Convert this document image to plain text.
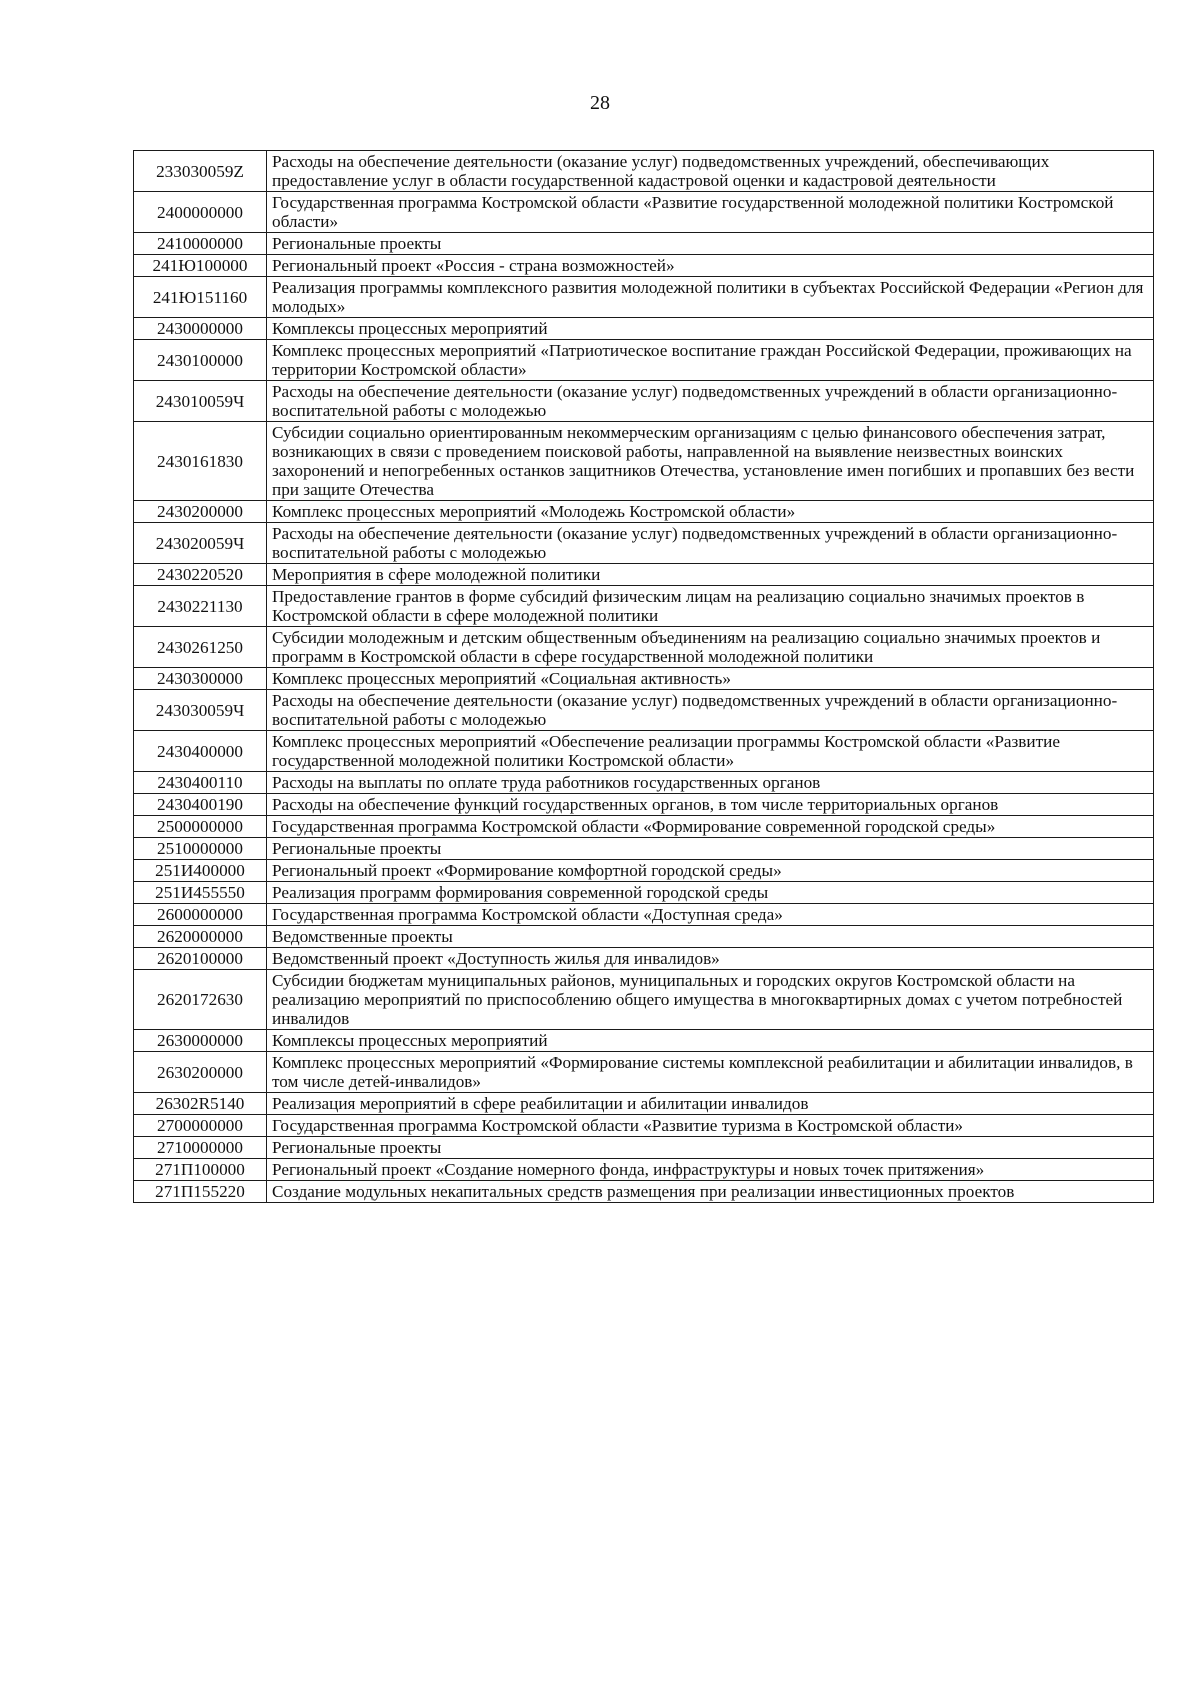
28
233030059Z	Расходы на обеспечение деятельности (оказание услуг) подведомственных учреждений, обеспечивающих предоставление услуг в области государственной кадастровой оценки и кадастровой деятельности
2400000000	Государственная программа Костромской области «Развитие государственной молодежной политики Костромской области»
2410000000	Региональные проекты
241Ю100000	Региональный проект «Россия - страна возможностей»
241Ю151160	Реализация программы комплексного развития молодежной политики в субъектах Российской Федерации «Регион для молодых»
2430000000	Комплексы процессных мероприятий
2430100000	Комплекс процессных мероприятий «Патриотическое воспитание граждан Российской Федерации, проживающих на территории Костромской области»
243010059Ч	Расходы на обеспечение деятельности (оказание услуг) подведомственных учреждений в области организационно-воспитательной работы с молодежью
2430161830	Субсидии социально ориентированным некоммерческим организациям с целью финансового обеспечения затрат, возникающих в связи с проведением поисковой работы, направленной на выявление неизвестных воинских захоронений и непогребенных останков защитников Отечества, установление имен погибших и пропавших без вести при защите Отечества
2430200000	Комплекс процессных мероприятий «Молодежь Костромской области»
243020059Ч	Расходы на обеспечение деятельности (оказание услуг) подведомственных учреждений в области организационно-воспитательной работы с молодежью
2430220520	Мероприятия в сфере молодежной политики
2430221130	Предоставление грантов в форме субсидий физическим лицам на реализацию социально значимых проектов в Костромской области в сфере молодежной политики
2430261250	Субсидии молодежным и детским общественным объединениям на реализацию социально значимых проектов и программ в Костромской области в сфере государственной молодежной политики
2430300000	Комплекс процессных мероприятий «Социальная активность»
243030059Ч	Расходы на обеспечение деятельности (оказание услуг) подведомственных учреждений в области организационно-воспитательной работы с молодежью
2430400000	Комплекс процессных мероприятий «Обеспечение реализации программы Костромской области «Развитие государственной молодежной политики Костромской области»
2430400110	Расходы на выплаты по оплате труда работников государственных органов
2430400190	Расходы на обеспечение функций государственных органов, в том числе территориальных органов
2500000000	Государственная программа Костромской области «Формирование современной городской среды»
2510000000	Региональные проекты
251И400000	Региональный проект «Формирование комфортной городской среды»
251И455550	Реализация программ формирования современной городской среды
2600000000	Государственная программа Костромской области «Доступная среда»
2620000000	Ведомственные проекты
2620100000	Ведомственный проект «Доступность жилья для инвалидов»
2620172630	Субсидии бюджетам муниципальных районов, муниципальных и городских округов Костромской области на реализацию мероприятий по приспособлению общего имущества в многоквартирных домах с учетом потребностей инвалидов
2630000000	Комплексы процессных мероприятий
2630200000	Комплекс процессных мероприятий «Формирование системы комплексной реабилитации и абилитации инвалидов, в том числе детей-инвалидов»
26302R5140	Реализация мероприятий в сфере реабилитации и абилитации инвалидов
2700000000	Государственная программа Костромской области «Развитие туризма в Костромской области»
2710000000	Региональные проекты
271П100000	Региональный проект «Создание номерного фонда, инфраструктуры и новых точек притяжения»
271П155220	Создание модульных некапитальных средств размещения при реализации инвестиционных проектов
